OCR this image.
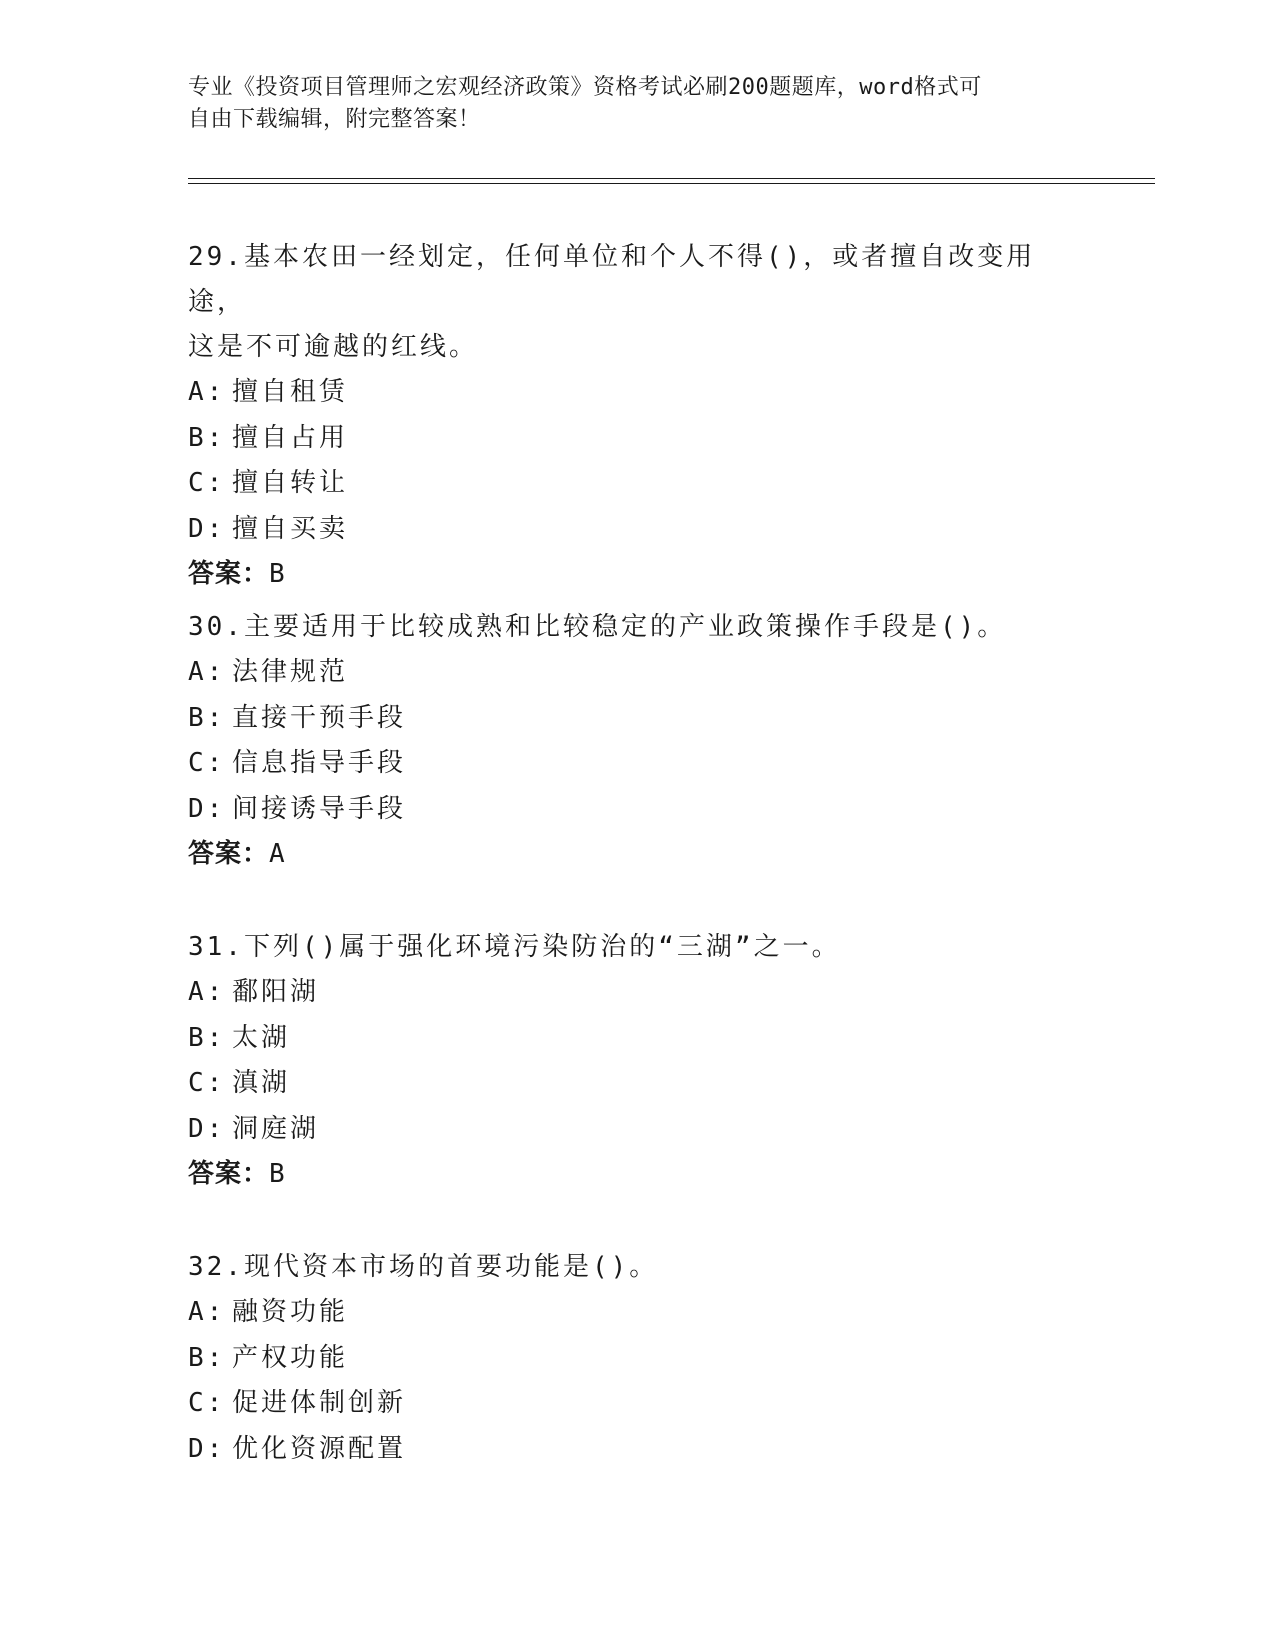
专业《投资项目管理师之宏观经济政策》资格考试必刷200题题库，word格式可
自由下载编辑，附完整答案！

29.基本农田一经划定，任何单位和个人不得()，或者擅自改变用途，
这是不可逾越的红线。

A: 擅自租赁

B: 擅自占用

C: 擅自转让

D: 擅自买卖

答案：B

30.主要适用于比较成熟和比较稳定的产业政策操作手段是()。

A: 法律规范

B: 直接干预手段

C: 信息指导手段

D: 间接诱导手段

答案：A

31.下列()属于强化环境污染防治的“三湖”之一。

A: 鄱阳湖

B: 太湖

C: 滇湖

D: 洞庭湖

答案：B

32.现代资本市场的首要功能是()。

A: 融资功能

B: 产权功能

C: 促进体制创新

D: 优化资源配置
